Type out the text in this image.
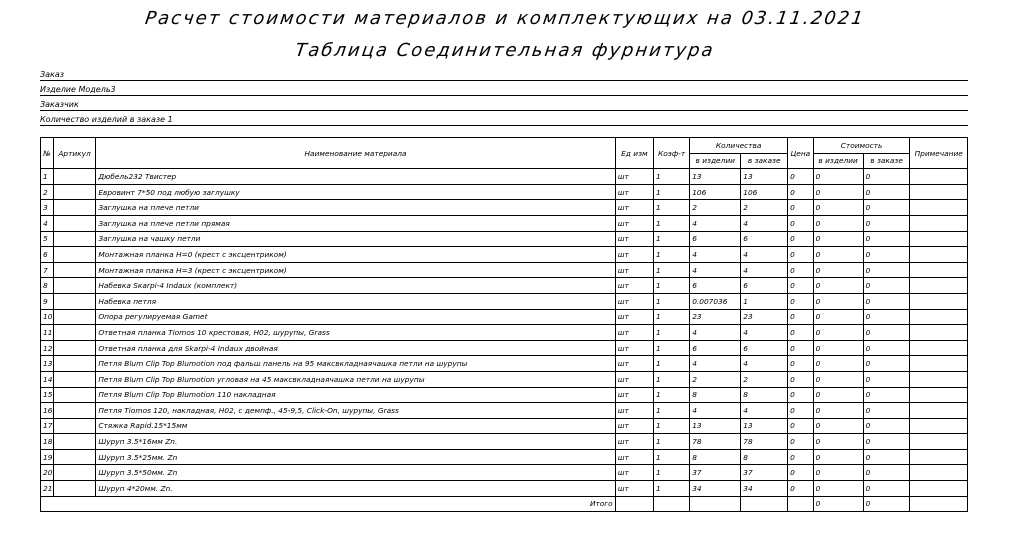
Расчет стоимости материалов и комплектующих на 03.11.2021
Таблица Соединительная фурнитура
Заказ
Изделие Модель3
Заказчик
Количество изделий в заказе 1
№	Артикул	Наименование материала	Ед изм	Коэф-т	Количества		Цена	Стоимость		Примечание
					в изделии	в заказе		в изделии	в заказе	
1		Дюбель232 Твистер	шт	1	13	13	0	0	0	
2		Евровинт 7*50 под любую заглушку	шт	1	106	106	0	0	0	
3		Заглушка на плече петли	шт	1	2	2	0	0	0	
4		Заглушка на плече петли прямая	шт	1	4	4	0	0	0	
5		Заглушка на чашку петли	шт	1	6	6	0	0	0	
6		Монтажная планка H=0 (крест с эксцентриком)	шт	1	4	4	0	0	0	
7		Монтажная планка H=3 (крест с эксцентриком)	шт	1	4	4	0	0	0	
8		Набевка Sкarpi-4 Indaux (комплект)	шт	1	6	6	0	0	0	
9		Набевка петля	шт	1	0.007036	1	0	0	0	
10		Опора регулируемая Gamet	шт	1	23	23	0	0	0	
11		Ответная планка Tiomos 10 крестовая, H02, шурупы, Grass	шт	1	4	4	0	0	0	
12		Ответная планка для Skarpi-4 Indaux двойная	шт	1	6	6	0	0	0	
13		Петля Blum Clip Top Blumotion под фальш панель на 95 максвкладнаячашка петли на шурупы	шт	1	4	4	0	0	0	
14		Петля Blum Clip Top Blumotion угловая на 45 максвкладнаячашка петли на шурупы	шт	1	2	2	0	0	0	
15		Петля Blum Clip Top Blumotion 110 накладная	шт	1	8	8	0	0	0	
16		Петля Tiomos 120, накладная, H02, с демпф., 45-9,5, Click-On, шурупы, Grass	шт	1	4	4	0	0	0	
17		Стяжка Rapid.15*15мм	шт	1	13	13	0	0	0	
18		Шуруп 3.5*16мм Zn.	шт	1	78	78	0	0	0	
19		Шуруп 3.5*25мм. Zn	шт	1	8	8	0	0	0	
20		Шуруп 3.5*50мм. Zn	шт	1	37	37	0	0	0	
21		Шуруп 4*20мм. Zn.	шт	1	34	34	0	0	0	
Итого								0	0	
